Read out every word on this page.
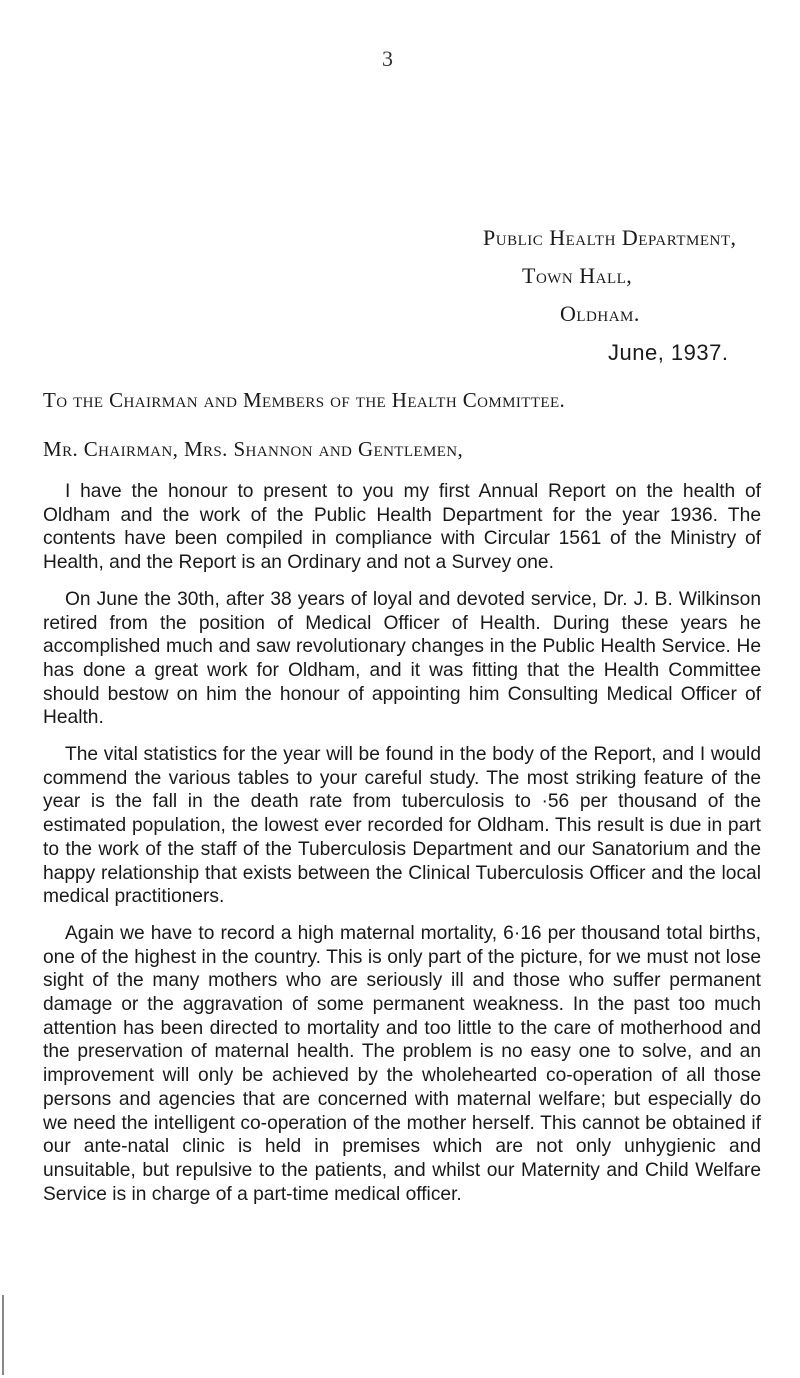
3
Public Health Department,
Town Hall,
Oldham.
June, 1937.
To the Chairman and Members of the Health Committee.
Mr. Chairman, Mrs. Shannon and Gentlemen,

I have the honour to present to you my first Annual Report on the health of Oldham and the work of the Public Health Department for the year 1936. The contents have been compiled in compliance with Circular 1561 of the Ministry of Health, and the Report is an Ordinary and not a Survey one.

On June the 30th, after 38 years of loyal and devoted service, Dr. J. B. Wilkinson retired from the position of Medical Officer of Health. During these years he accomplished much and saw revolutionary changes in the Public Health Service. He has done a great work for Oldham, and it was fitting that the Health Committee should bestow on him the honour of appointing him Consulting Medical Officer of Health.

The vital statistics for the year will be found in the body of the Report, and I would commend the various tables to your careful study. The most striking feature of the year is the fall in the death rate from tuberculosis to ·56 per thousand of the estimated population, the lowest ever recorded for Oldham. This result is due in part to the work of the staff of the Tuberculosis Department and our Sanatorium and the happy relationship that exists between the Clinical Tuberculosis Officer and the local medical practitioners.

Again we have to record a high maternal mortality, 6·16 per thousand total births, one of the highest in the country. This is only part of the picture, for we must not lose sight of the many mothers who are seriously ill and those who suffer permanent damage or the aggravation of some permanent weakness. In the past too much attention has been directed to mortality and too little to the care of motherhood and the preservation of maternal health. The problem is no easy one to solve, and an improvement will only be achieved by the wholehearted co-operation of all those persons and agencies that are concerned with maternal welfare; but especially do we need the intelligent co-operation of the mother herself. This cannot be obtained if our ante-natal clinic is held in premises which are not only unhygienic and unsuitable, but repulsive to the patients, and whilst our Maternity and Child Welfare Service is in charge of a part-time medical officer.
